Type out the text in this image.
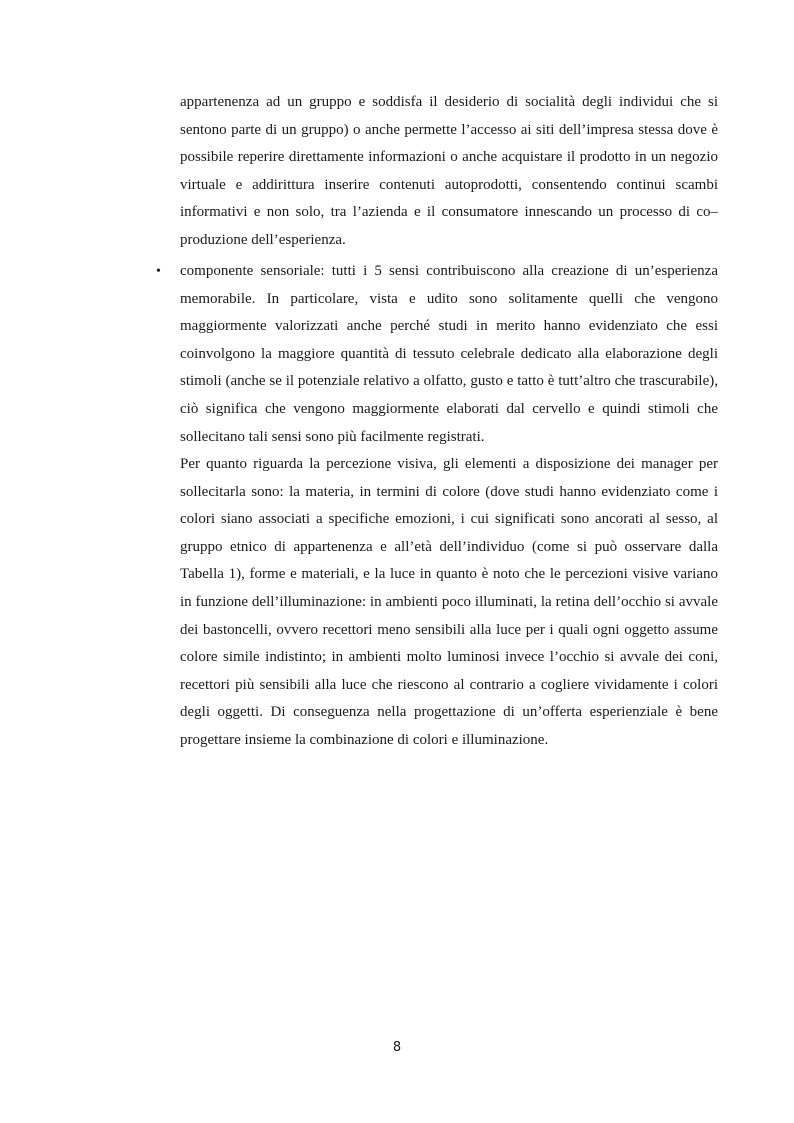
appartenenza ad un gruppo e soddisfa il desiderio di socialità degli individui che si sentono parte di un gruppo) o anche permette l’accesso ai siti dell’impresa stessa dove è possibile reperire direttamente informazioni o anche acquistare il prodotto in un negozio virtuale e addirittura inserire contenuti autoprodotti, consentendo continui scambi informativi e non solo, tra l’azienda e il consumatore innescando un processo di co–produzione dell’esperienza.

• componente sensoriale: tutti i 5 sensi contribuiscono alla creazione di un’esperienza memorabile. In particolare, vista e udito sono solitamente quelli che vengono maggiormente valorizzati anche perché studi in merito hanno evidenziato che essi coinvolgono la maggiore quantità di tessuto celebrale dedicato alla elaborazione degli stimoli (anche se il potenziale relativo a olfatto, gusto e tatto è tutt’altro che trascurabile), ciò significa che vengono maggiormente elaborati dal cervello e quindi stimoli che sollecitano tali sensi sono più facilmente registrati.

Per quanto riguarda la percezione visiva, gli elementi a disposizione dei manager per sollecitarla sono: la materia, in termini di colore (dove studi hanno evidenziato come i colori siano associati a specifiche emozioni, i cui significati sono ancorati al sesso, al gruppo etnico di appartenenza e all’età dell’individuo (come si può osservare dalla Tabella 1), forme e materiali, e la luce in quanto è noto che le percezioni visive variano in funzione dell’illuminazione: in ambienti poco illuminati, la retina dell’occhio si avvale dei bastoncelli, ovvero recettori meno sensibili alla luce per i quali ogni oggetto assume colore simile indistinto; in ambienti molto luminosi invece l’occhio si avvale dei coni, recettori più sensibili alla luce che riescono al contrario a cogliere vividamente i colori degli oggetti. Di conseguenza nella progettazione di un’offerta esperienziale è bene progettare insieme la combinazione di colori e illuminazione.

8
